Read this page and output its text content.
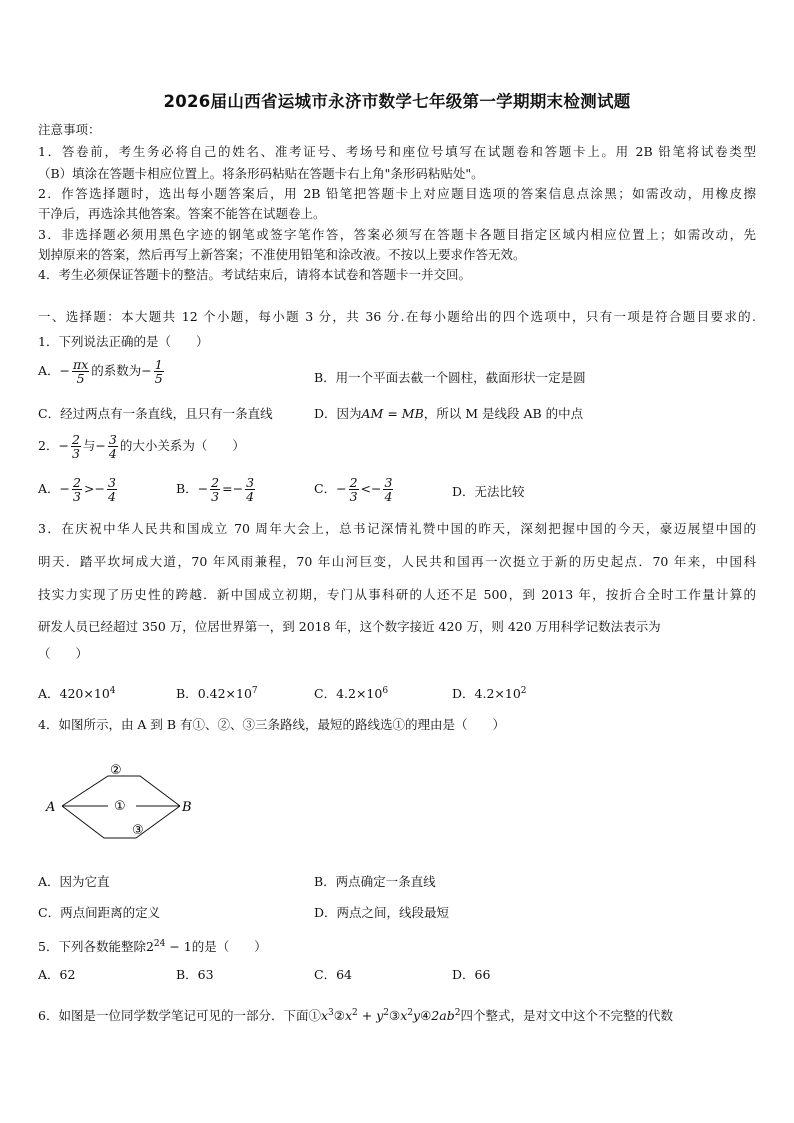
2026届山西省运城市永济市数学七年级第一学期期末检测试题
注意事项：
1．答卷前，考生务必将自己的姓名、准考证号、考场号和座位号填写在试题卷和答题卡上。用 2B 铅笔将试卷类型
（B）填涂在答题卡相应位置上。将条形码粘贴在答题卡右上角"条形码粘贴处"。
2．作答选择题时，选出每小题答案后，用 2B 铅笔把答题卡上对应题目选项的答案信息点涂黑；如需改动，用橡皮擦
干净后，再选涂其他答案。答案不能答在试题卷上。
3．非选择题必须用黑色字迹的钢笔或签字笔作答，答案必须写在答题卡各题目指定区域内相应位置上；如需改动，先
划掉原来的答案，然后再写上新答案；不准使用铅笔和涂改液。不按以上要求作答无效。
4．考生必须保证答题卡的整洁。考试结束后，请将本试卷和答题卡一并交回。
一、选择题：本大题共 12 个小题，每小题 3 分，共 36 分.在每小题给出的四个选项中，只有一项是符合题目要求的.
1．下列说法正确的是（　　）
A．− $\frac{\pi x}{5}$ 的系数为− $\frac{1}{5}$	B．用一个平面去截一个圆柱，截面形状一定是圆
C．经过两点有一条直线，且只有一条直线	D．因为AM = MB，所以 M 是线段 AB 的中点
2．− $\frac{2}{3}$ 与− $\frac{3}{4}$ 的大小关系为（　　）
A．− $\frac{2}{3} >- \frac{3}{4}$	B．− $\frac{2}{3} =- \frac{3}{4}$	C．− $\frac{2}{3} <- \frac{3}{4}$	D．无法比较
3．在庆祝中华人民共和国成立 70 周年大会上，总书记深情礼赞中国的昨天，深刻把握中国的今天，豪迈展望中国的
明天．踏平坎坷成大道，70 年风雨兼程，70 年山河巨变，人民共和国再一次挺立于新的历史起点．70 年来，中国科
技实力实现了历史性的跨越．新中国成立初期，专门从事科研的人还不足 500，到 2013 年，按折合全时工作量计算的
研发人员已经超过 350 万，位居世界第一，到 2018 年，这个数字接近 420 万，则 420 万用科学记数法表示为
（　　）
A．$420\times 10^4$	B．$0.42\times 10^7$	C．$4.2\times 10^6$	D．$4.2\times 10^2$
4．如图所示，由 A 到 B 有①、②、③三条路线，最短的路线选①的理由是（　　）
A	B
①
②
③
A．因为它直	B．两点确定一条直线
C．两点间距离的定义	D．两点之间，线段最短
5．下列各数能整除$2^{24} - 1$的是（　　）
A．62	B．63	C．64	D．66
6．如图是一位同学数学笔记可见的一部分．下面$①x^3②x^2$ + $y^2③x^2y④2ab^2$四个整式，是对文中这个不完整的代数
